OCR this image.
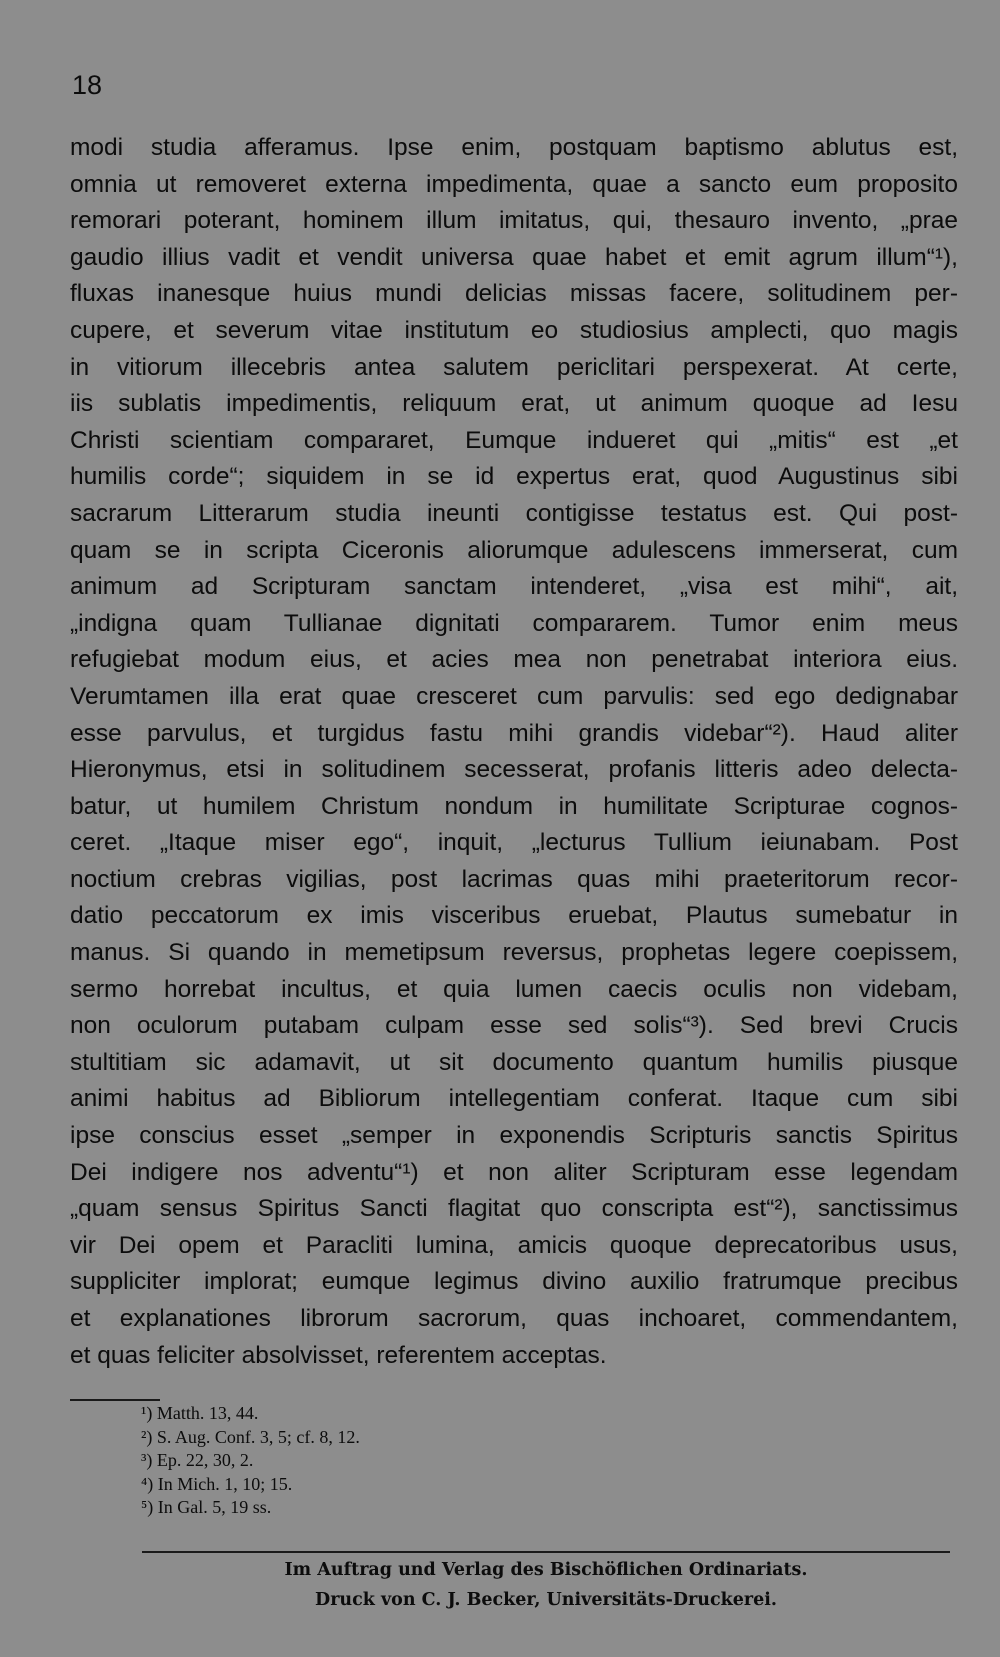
18
modi studia afferamus. Ipse enim, postquam baptismo ablutus est,
omnia ut removeret externa impedimenta, quae a sancto eum proposito
remorari poterant, hominem illum imitatus, qui, thesauro invento, „prae
gaudio illius vadit et vendit universa quae habet et emit agrum illum“¹),
fluxas inanesque huius mundi delicias missas facere, solitudinem per-
cupere, et severum vitae institutum eo studiosius amplecti, quo magis
in vitiorum illecebris antea salutem periclitari perspexerat. At certe,
iis sublatis impedimentis, reliquum erat, ut animum quoque ad Iesu
Christi scientiam compararet, Eumque indueret qui „mitis“ est „et
humilis corde“; siquidem in se id expertus erat, quod Augustinus sibi
sacrarum Litterarum studia ineunti contigisse testatus est. Qui post-
quam se in scripta Ciceronis aliorumque adulescens immerserat, cum
animum ad Scripturam sanctam intenderet, „visa est mihi“, ait,
„indigna quam Tullianae dignitati compararem. Tumor enim meus
refugiebat modum eius, et acies mea non penetrabat interiora eius.
Verumtamen illa erat quae cresceret cum parvulis: sed ego dedignabar
esse parvulus, et turgidus fastu mihi grandis videbar“²). Haud aliter
Hieronymus, etsi in solitudinem secesserat, profanis litteris adeo delecta-
batur, ut humilem Christum nondum in humilitate Scripturae cognos-
ceret. „Itaque miser ego“, inquit, „lecturus Tullium ieiunabam. Post
noctium crebras vigilias, post lacrimas quas mihi praeteritorum recor-
datio peccatorum ex imis visceribus eruebat, Plautus sumebatur in
manus. Si quando in memetipsum reversus, prophetas legere coepissem,
sermo horrebat incultus, et quia lumen caecis oculis non videbam,
non oculorum putabam culpam esse sed solis“³). Sed brevi Crucis
stultitiam sic adamavit, ut sit documento quantum humilis piusque
animi habitus ad Bibliorum intellegentiam conferat. Itaque cum sibi
ipse conscius esset „semper in exponendis Scripturis sanctis Spiritus
Dei indigere nos adventu“¹) et non aliter Scripturam esse legendam
„quam sensus Spiritus Sancti flagitat quo conscripta est“²), sanctissimus
vir Dei opem et Paracliti lumina, amicis quoque deprecatoribus usus,
suppliciter implorat; eumque legimus divino auxilio fratrumque precibus
et explanationes librorum sacrorum, quas inchoaret, commendantem,
et quas feliciter absolvisset, referentem acceptas.
¹) Matth. 13, 44.
²) S. Aug. Conf. 3, 5; cf. 8, 12.
³) Ep. 22, 30, 2.
⁴) In Mich. 1, 10; 15.
⁵) In Gal. 5, 19 ss.
Im Auftrag und Verlag des Bischöflichen Ordinariats.
Druck von C. J. Becker, Universitäts-Druckerei.
